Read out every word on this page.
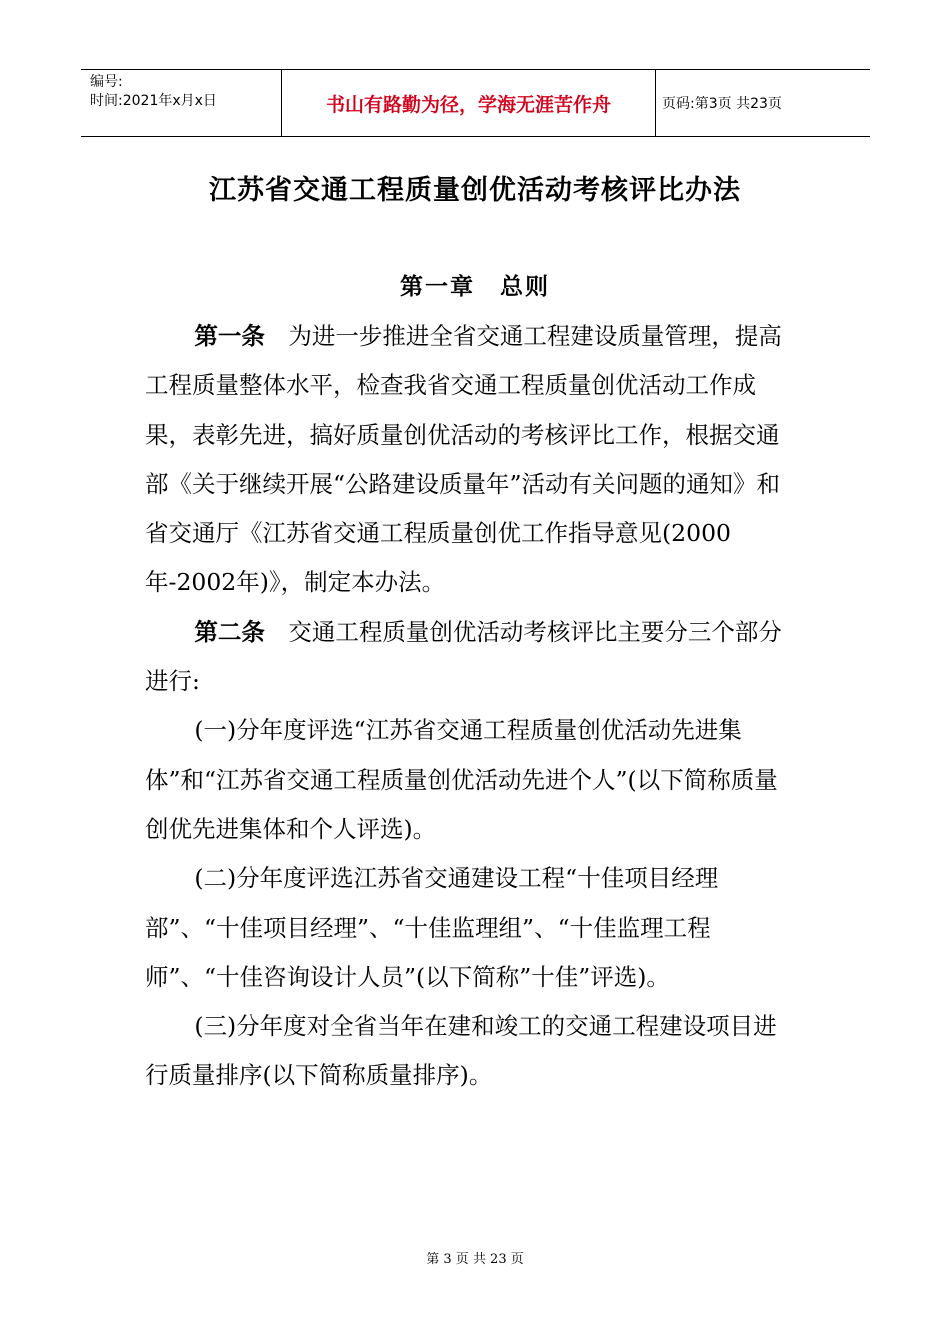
编号:
时间:2021年x月x日	书山有路勤为径，学海无涯苦作舟	页码:第3页 共23页
江苏省交通工程质量创优活动考核评比办法
第一章　总则

第一条　为进一步推进全省交通工程建设质量管理，提高工程质量整体水平，检查我省交通工程质量创优活动工作成果，表彰先进，搞好质量创优活动的考核评比工作，根据交通部《关于继续开展“公路建设质量年”活动有关问题的通知》和省交通厅《江苏省交通工程质量创优工作指导意见(2000年-2002年)》，制定本办法。

第二条　交通工程质量创优活动考核评比主要分三个部分进行:

(一)分年度评选“江苏省交通工程质量创优活动先进集体”和“江苏省交通工程质量创优活动先进个人”(以下简称质量创优先进集体和个人评选)。

(二)分年度评选江苏省交通建设工程“十佳项目经理部”、“十佳项目经理”、“十佳监理组”、“十佳监理工程师”、“十佳咨询设计人员”(以下简称”十佳”评选)。

(三)分年度对全省当年在建和竣工的交通工程建设项目进行质量排序(以下简称质量排序)。

第 3 页 共 23 页
